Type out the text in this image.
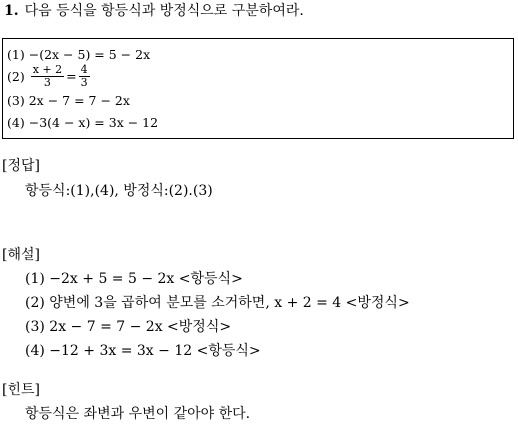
1. 다음 등식을 항등식과 방정식으로 구분하여라.
(1) −(2x − 5) = 5 − 2x
$(2) \frac{x + 2}{3} = \frac{4}{3}$
(3) 2x − 7 = 7 − 2x
(4) −3(4 − x) = 3x − 12
[정답]
항등식:(1),(4), 방정식:(2).(3)
[해설]
(1) −2x + 5 = 5 − 2x <항등식>
(2) 양변에 3을 곱하여 분모를 소거하면, x + 2 = 4 <방정식>
(3) 2x − 7 = 7 − 2x <방정식>
(4) −12 + 3x = 3x − 12 <항등식>
[힌트]
항등식은 좌변과 우변이 같아야 한다.
